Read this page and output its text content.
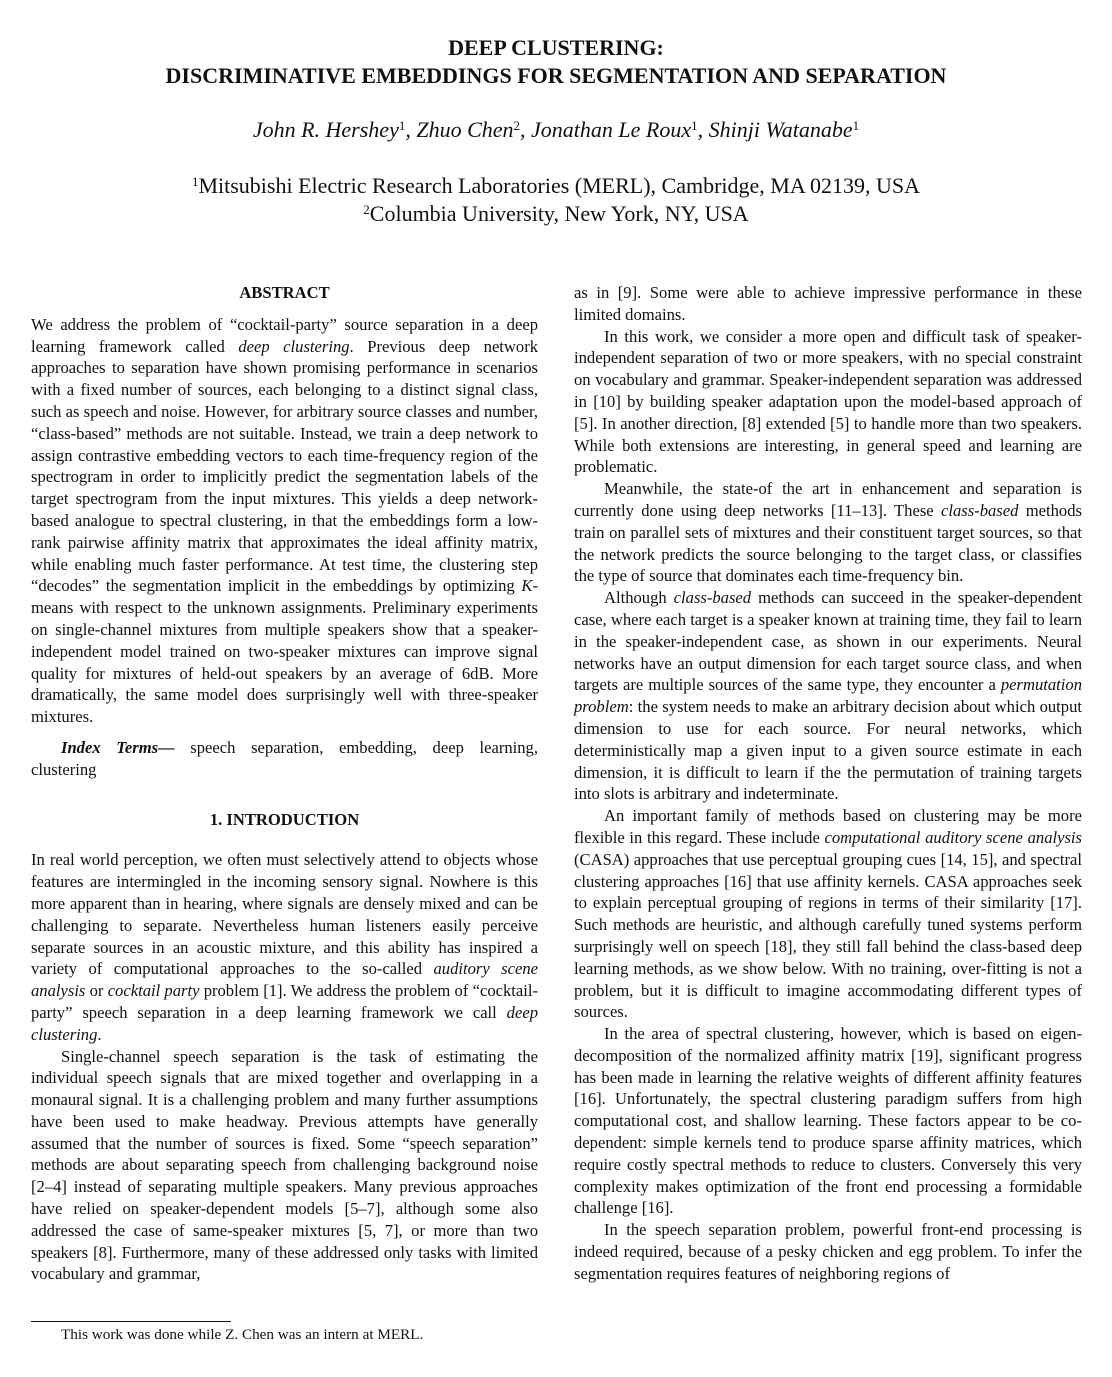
DEEP CLUSTERING:
DISCRIMINATIVE EMBEDDINGS FOR SEGMENTATION AND SEPARATION
John R. Hershey$^1$, Zhuo Chen$^2$, Jonathan Le Roux$^1$, Shinji Watanabe$^1$
$^1$Mitsubishi Electric Research Laboratories (MERL), Cambridge, MA 02139, USA
$^2$Columbia University, New York, NY, USA
ABSTRACT

We address the problem of “cocktail-party” source separation in a deep learning framework called deep clustering. Previous deep network approaches to separation have shown promising performance in scenarios with a fixed number of sources, each belonging to a distinct signal class, such as speech and noise. However, for arbitrary source classes and number, “class-based” methods are not suitable. Instead, we train a deep network to assign contrastive embedding vectors to each time-frequency region of the spectrogram in order to implicitly predict the segmentation labels of the target spectrogram from the input mixtures. This yields a deep network-based analogue to spectral clustering, in that the embeddings form a low-rank pairwise affinity matrix that approximates the ideal affinity matrix, while enabling much faster performance. At test time, the clustering step “decodes” the segmentation implicit in the embeddings by optimizing K-means with respect to the unknown assignments. Preliminary experiments on single-channel mixtures from multiple speakers show that a speaker-independent model trained on two-speaker mixtures can improve signal quality for mixtures of held-out speakers by an average of 6dB. More dramatically, the same model does surprisingly well with three-speaker mixtures.

Index Terms— speech separation, embedding, deep learning, clustering

1. INTRODUCTION

In real world perception, we often must selectively attend to objects whose features are intermingled in the incoming sensory signal. Nowhere is this more apparent than in hearing, where signals are densely mixed and can be challenging to separate. Nevertheless human listeners easily perceive separate sources in an acoustic mixture, and this ability has inspired a variety of computational approaches to the so-called auditory scene analysis or cocktail party problem [1]. We address the problem of “cocktail-party” speech separation in a deep learning framework we call deep clustering.

Single-channel speech separation is the task of estimating the individual speech signals that are mixed together and overlapping in a monaural signal. It is a challenging problem and many further assumptions have been used to make headway. Previous attempts have generally assumed that the number of sources is fixed. Some “speech separation” methods are about separating speech from challenging background noise [2–4] instead of separating multiple speakers. Many previous approaches have relied on speaker-dependent models [5–7], although some also addressed the case of same-speaker mixtures [5, 7], or more than two speakers [8]. Furthermore, many of these addressed only tasks with limited vocabulary and grammar,

as in [9]. Some were able to achieve impressive performance in these limited domains.

In this work, we consider a more open and difficult task of speaker-independent separation of two or more speakers, with no special constraint on vocabulary and grammar. Speaker-independent separation was addressed in [10] by building speaker adaptation upon the model-based approach of [5]. In another direction, [8] extended [5] to handle more than two speakers. While both extensions are interesting, in general speed and learning are problematic.

Meanwhile, the state-of the art in enhancement and separation is currently done using deep networks [11–13]. These class-based methods train on parallel sets of mixtures and their constituent target sources, so that the network predicts the source belonging to the target class, or classifies the type of source that dominates each time-frequency bin.

Although class-based methods can succeed in the speaker-dependent case, where each target is a speaker known at training time, they fail to learn in the speaker-independent case, as shown in our experiments. Neural networks have an output dimension for each target source class, and when targets are multiple sources of the same type, they encounter a permutation problem: the system needs to make an arbitrary decision about which output dimension to use for each source. For neural networks, which deterministically map a given input to a given source estimate in each dimension, it is difficult to learn if the the permutation of training targets into slots is arbitrary and indeterminate.

An important family of methods based on clustering may be more flexible in this regard. These include computational auditory scene analysis (CASA) approaches that use perceptual grouping cues [14, 15], and spectral clustering approaches [16] that use affinity kernels. CASA approaches seek to explain perceptual grouping of regions in terms of their similarity [17]. Such methods are heuristic, and although carefully tuned systems perform surprisingly well on speech [18], they still fall behind the class-based deep learning methods, as we show below. With no training, over-fitting is not a problem, but it is difficult to imagine accommodating different types of sources.

In the area of spectral clustering, however, which is based on eigen-decomposition of the normalized affinity matrix [19], significant progress has been made in learning the relative weights of different affinity features [16]. Unfortunately, the spectral clustering paradigm suffers from high computational cost, and shallow learning. These factors appear to be co-dependent: simple kernels tend to produce sparse affinity matrices, which require costly spectral methods to reduce to clusters. Conversely this very complexity makes optimization of the front end processing a formidable challenge [16].

In the speech separation problem, powerful front-end processing is indeed required, because of a pesky chicken and egg problem. To infer the segmentation requires features of neighboring regions of

This work was done while Z. Chen was an intern at MERL.
